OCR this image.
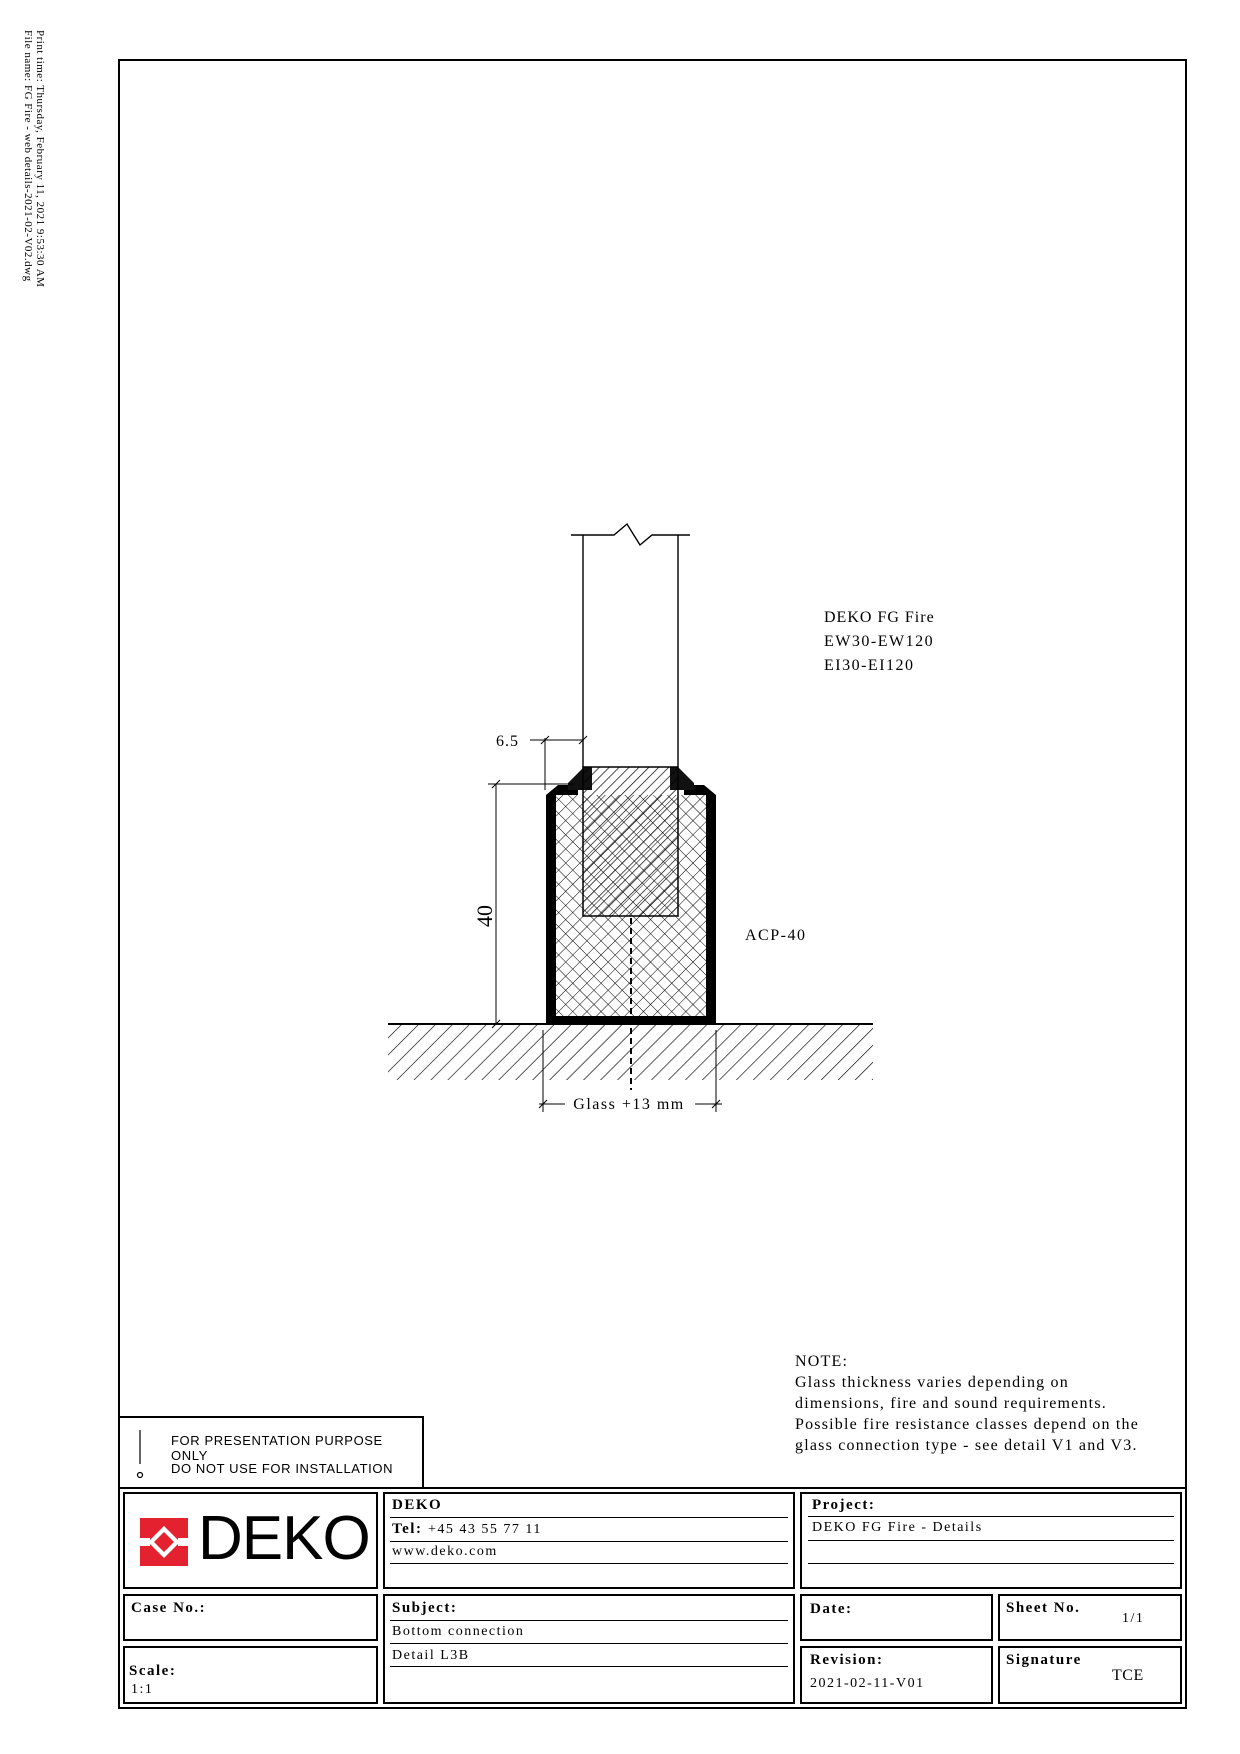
Print time: Thursday, February 11, 2021 9:53:30 AM
File name: FG Fire - web details-2021-02-V02.dwg
6.5
40
Glass +13 mm
ACP-40
DEKO FG Fire
EW30-EW120
EI30-EI120
NOTE:
Glass thickness varies depending on
dimensions, fire and sound requirements.
Possible fire resistance classes depend on the
glass connection type - see detail V1 and V3.
FOR PRESENTATION PURPOSE ONLY
DO NOT USE FOR INSTALLATION
DEKO DEKO
Tel: +45 43 55 77 11
www.deko.com
Project:
DEKO FG Fire - Details
Case No.:
Scale:
1:1
Subject:
Bottom connection
Detail L3B
Date:	Sheet No.
1/1
Revision:
2021-02-11-V01
Signature
TCE
